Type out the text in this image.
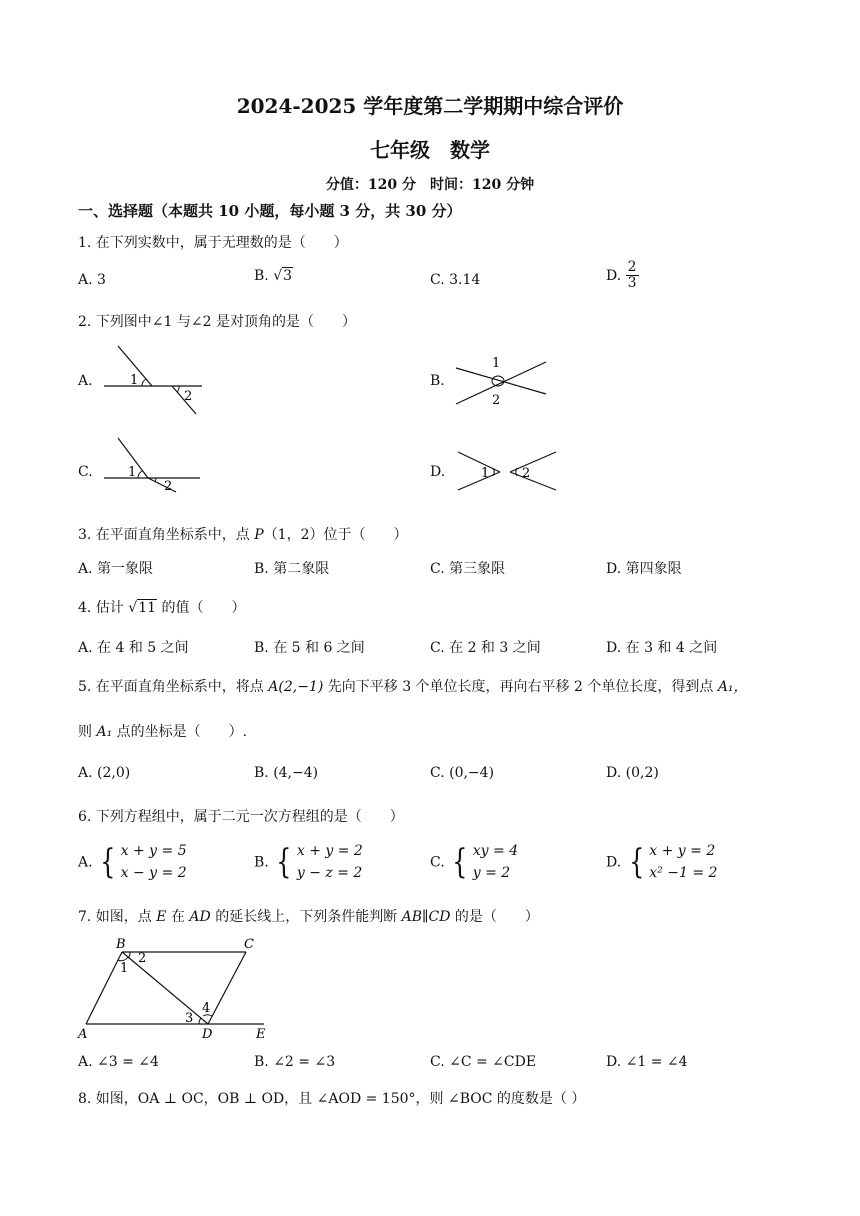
2024-2025 学年度第二学期期中综合评价
七年级　数学
分值：120 分　时间：120 分钟
一、选择题（本题共 10 小题，每小题 3 分，共 30 分）
1. 在下列实数中，属于无理数的是（　　）
A. 3	B. √3	C. 3.14	D. $\frac{2}{3}$
2. 下列图中∠1 与∠2 是对顶角的是（　　）
A.	1
2
B.
1
2
C.	1
2
D.	1	2
3. 在平面直角坐标系中，点 P（1，2）位于（　　）
A. 第一象限	B. 第二象限	C. 第三象限	D. 第四象限
4. 估计 √11 的值（　　）
A. 在 4 和 5 之间	B. 在 5 和 6 之间	C. 在 2 和 3 之间	D. 在 3 和 4 之间
5. 在平面直角坐标系中，将点 A(2,−1) 先向下平移 3 个单位长度，再向右平移 2 个单位长度，得到点 A₁，
则 A₁ 点的坐标是（　　）.
A. (2,0)	B. (4,−4)	C. (0,−4)	D. (0,2)
6. 下列方程组中，属于二元一次方程组的是（　　）
A. { x + y = 5
x − y = 2
B. { x + y = 2
y − z = 2
C. { xy = 4
y = 2
D. { x + y = 2
x² −1 = 2
7. 如图，点 E 在 AD 的延长线上，下列条件能判断 AB∥CD 的是（　　）
B	C
A	D	E
1
2
3
4
A. ∠3 = ∠4	B. ∠2 = ∠3	C. ∠C = ∠CDE	D. ∠1 = ∠4
8. 如图，OA ⊥ OC，OB ⊥ OD，且 ∠AOD = 150°，则 ∠BOC 的度数是（ ）
